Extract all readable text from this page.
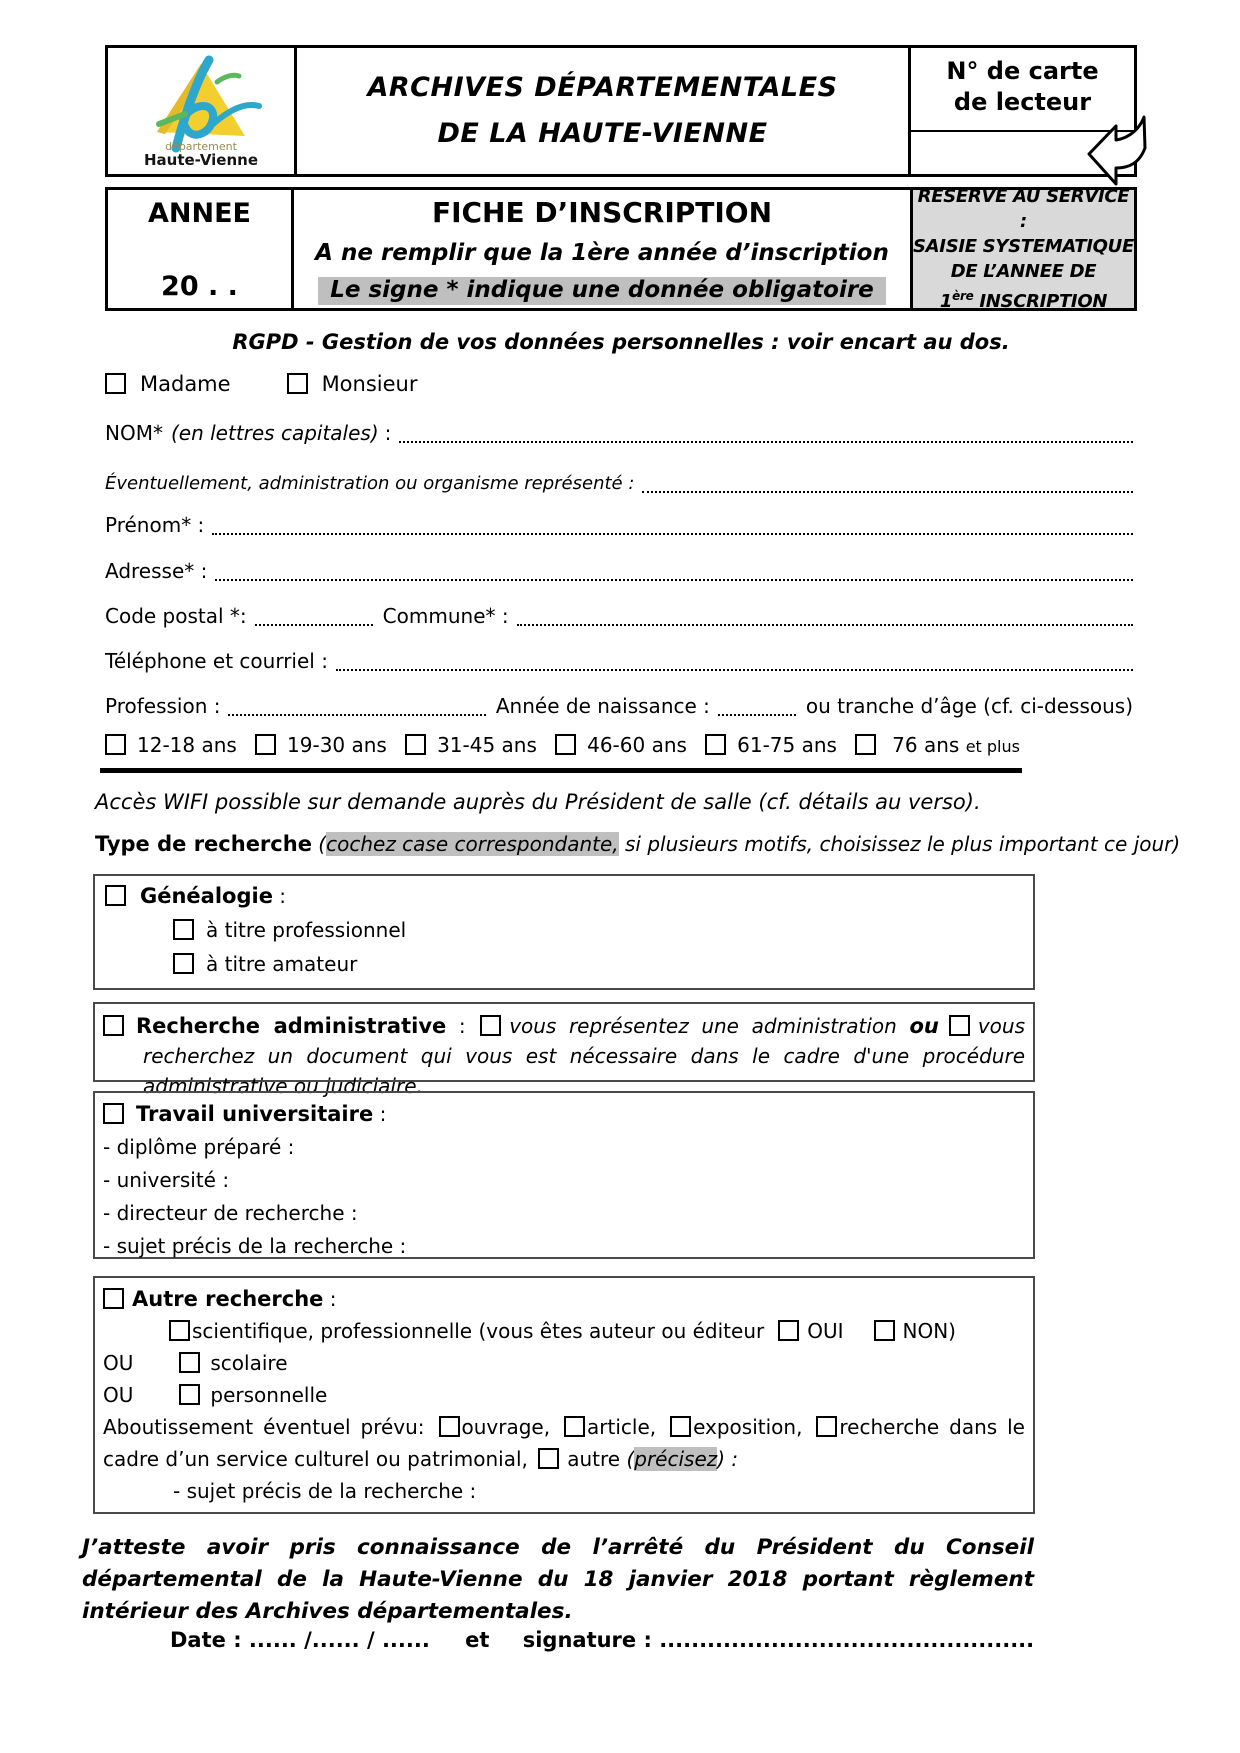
département
Haute-Vienne
ARCHIVES DÉPARTEMENTALES
DE LA HAUTE-VIENNE
N° de carte
de lecteur
ANNEE
20 . .
FICHE D’INSCRIPTION
A ne remplir que la 1ère année d’inscription
Le signe * indique une donnée obligatoire
RESERVE AU SERVICE :
SAISIE SYSTEMATIQUE
DE L’ANNEE DE
1ère INSCRIPTION
RGPD - Gestion de vos données personnelles : voir encart au dos.
Madame	Monsieur
NOM* (en lettres capitales) :
Éventuellement, administration ou organisme représenté :
Prénom* :
Adresse* :
Code postal *:	Commune* :
Téléphone et courriel :
Profession :	Année de naissance :	ou tranche d’âge (cf. ci-dessous)
12-18 ans	19-30 ans	31-45 ans	46-60 ans	61-75 ans	76 ans et plus
Accès WIFI possible sur demande auprès du Président de salle (cf. détails au verso).
Type de recherche (cochez case correspondante, si plusieurs motifs, choisissez le plus important ce jour)
Généalogie :
à titre professionnel
à titre amateur

Recherche administrative : vous représentez une administration ou vous recherchez un document qui vous est nécessaire dans le cadre d'une procédure administrative ou judiciaire.

Travail universitaire :
- diplôme préparé :
- université :
- directeur de recherche :
- sujet précis de la recherche :
Autre recherche :
scientifique, professionnelle (vous êtes auteur ou éditeur OUI	NON)
OU	scolaire
OU	personnelle

Aboutissement éventuel prévu: ouvrage, article, exposition, recherche dans le cadre d’un service culturel ou patrimonial, autre (précisez) :

- sujet précis de la recherche :
J’atteste avoir pris connaissance de l’arrêté du Président du Conseil départemental de la Haute-Vienne du 18 janvier 2018 portant règlement intérieur des Archives départementales.
Date : ...... /...... / ...... et signature : ...............................................
